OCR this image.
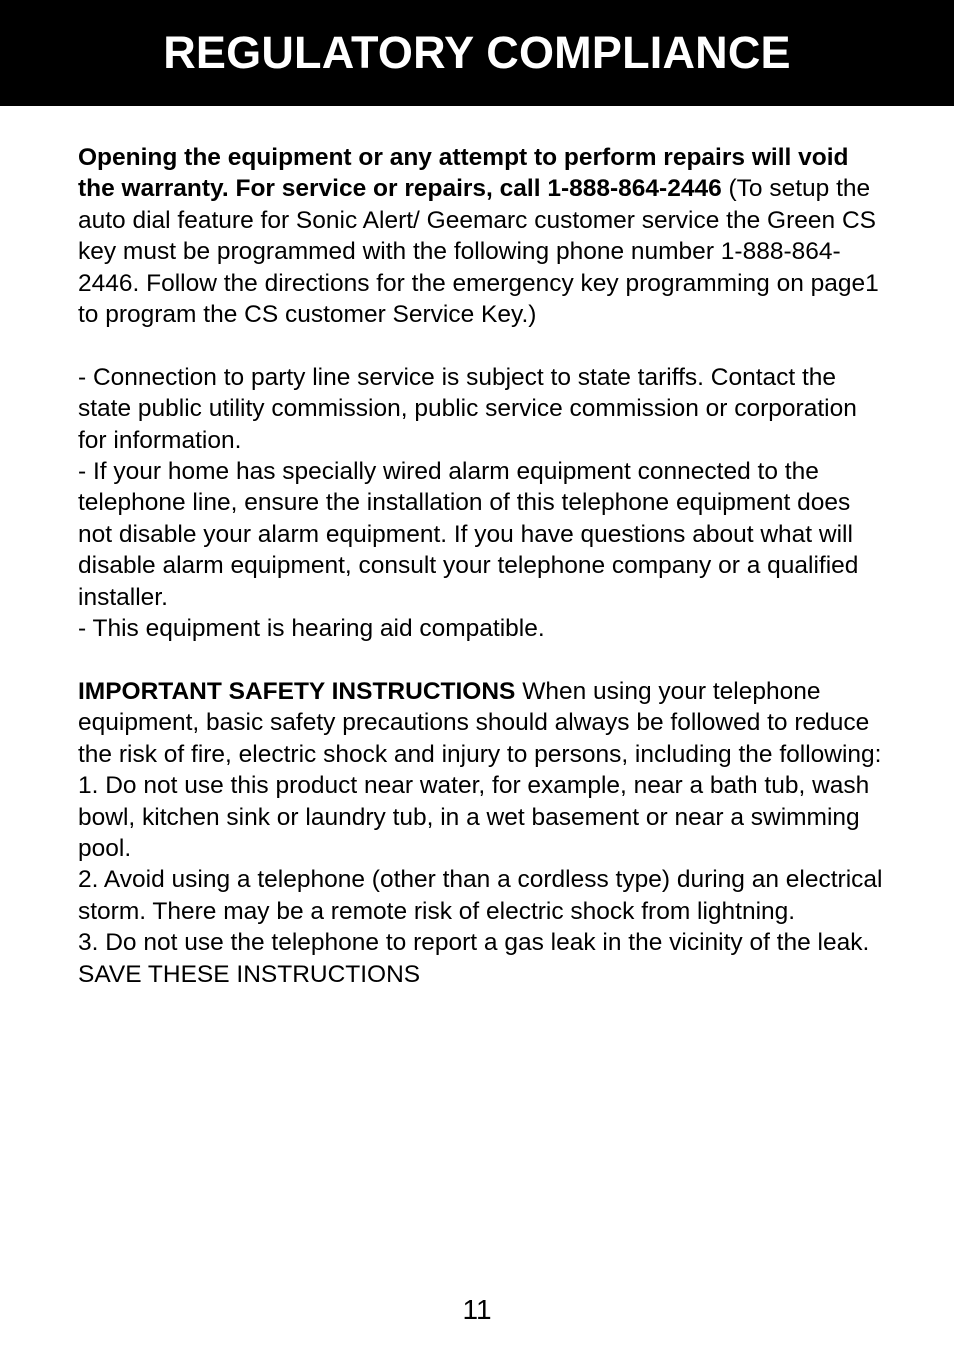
REGULATORY COMPLIANCE

Opening the equipment or any attempt to perform repairs will void the warranty. For service or repairs, call 1-888-864-2446 (To setup the auto dial feature for Sonic Alert/ Geemarc customer service the Green CS key must be programmed with the following phone number 1-888-864-2446. Follow the directions for the emergency key programming on page1 to program the CS customer Service Key.)

- Connection to party line service is subject to state tariffs. Contact the state public utility commission, public service commission or corporation for information.

- If your home has specially wired alarm equipment connected to the telephone line, ensure the installation of this telephone equipment does not disable your alarm equipment. If you have questions about what will disable alarm equipment, consult your telephone company or a qualified installer.

- This equipment is hearing aid compatible.

IMPORTANT SAFETY INSTRUCTIONS When using your telephone equipment, basic safety precautions should always be followed to reduce the risk of fire, electric shock and injury to persons, including the following:

1. Do not use this product near water, for example, near a bath tub, wash bowl, kitchen sink or laundry tub, in a wet basement or near a swimming pool.

2. Avoid using a telephone (other than a cordless type) during an electrical storm. There may be a remote risk of electric shock from lightning.

3. Do not use the telephone to report a gas leak in the vicinity of the leak. SAVE THESE INSTRUCTIONS

11
